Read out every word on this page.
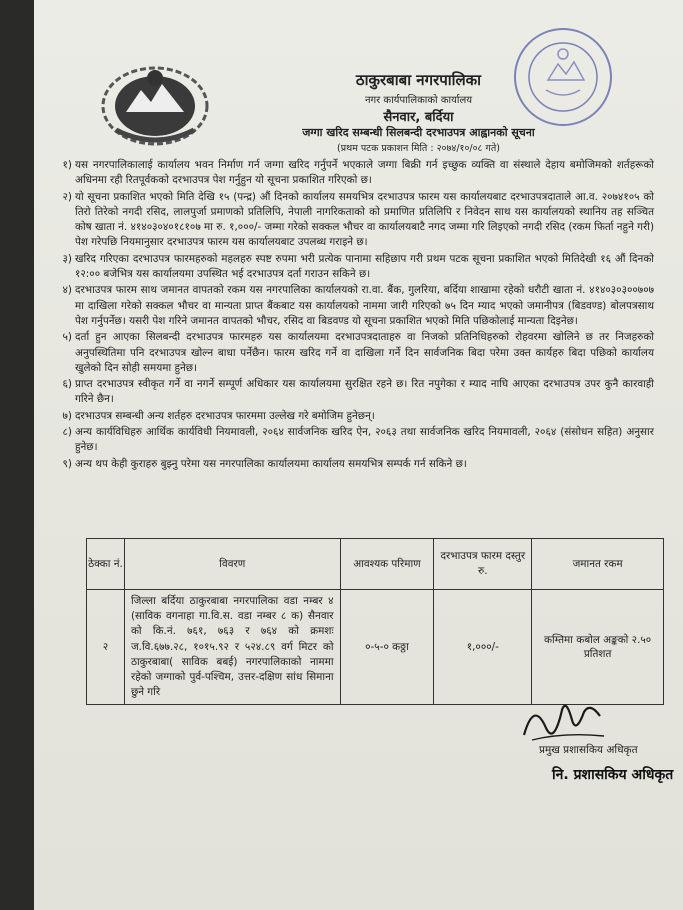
ठाकुरबाबा नगरपालिका
नगर कार्यपालिकाको कार्यालय
सैनवार, बर्दिया
जग्गा खरिद सम्बन्धी सिलबन्दी दरभाउपत्र आह्वानको सूचना
(प्रथम पटक प्रकाशन मिति : २०७४/१०/०८ गते)
१) यस नगरपालिकालाई कार्यालय भवन निर्माण गर्न जग्गा खरिद गर्नुपर्ने भएकाले जग्गा बिक्री गर्न इच्छुक व्यक्ति वा संस्थाले देहाय बमोजिमको शर्तहरूको अधिनमा रही रितपूर्वकको दरभाउपत्र पेश गर्नुहुन यो सूचना प्रकाशित गरिएको छ।
२) यो सूचना प्रकाशित भएको मिति देखि १५ (पन्द्र) औं दिनको कार्यालय समयभित्र दरभाउपत्र फारम यस कार्यालयबाट दरभाउपत्रदाताले आ.व. २०७४१०५ को तिरो तिरेको नगदी रसिद, लालपुर्जा प्रमाणको प्रतिलिपि, नेपाली नागरिकताको को प्रमाणित प्रतिलिपि र निवेदन साथ यस कार्यालयको स्थानिय तह सञ्चित कोष खाता नं. ४१४०३०४०१८१०७ मा रु. १,०००/- जम्मा गरेको सक्कल भौचर वा कार्यालयबाटै नगद जम्मा गरि लिइएको नगदी रसिद (रकम फिर्ता नहुने गरी) पेश गरेपछि नियमानुसार दरभाउपत्र फारम यस कार्यालयबाट उपलब्ध गराइने छ।
३) खरिद गरिएका दरभाउपत्र फारमहरुको महलहरु स्पष्ट रुपमा भरी प्रत्येक पानामा सहिछाप गरी प्रथम पटक सूचना प्रकाशित भएको मितिदेखी १६ औं दिनको १२:०० बजेभित्र यस कार्यालयमा उपस्थित भई दरभाउपत्र दर्ता गराउन सकिने छ।
४) दरभाउपत्र फारम साथ जमानत वापतको रकम यस नगरपालिका कार्यालयको रा.वा. बैंक, गुलरिया, बर्दिया शाखामा रहेको धरौटी खाता नं. ४१४०३०३००७०७ मा दाखिला गरेको सक्कल भौचर वा मान्यता प्राप्त बैंकबाट यस कार्यालयको नाममा जारी गरिएको ७५ दिन म्याद भएको जमानीपत्र (बिडवण्ड) बोलपत्रसाथ पेश गर्नुपर्नेछ। यसरी पेश गरिने जमानत वापतको भौचर, रसिद वा बिडवण्ड यो सूचना प्रकाशित भएको मिति पछिकोलाई मान्यता दिइनेछ।
५) दर्ता हुन आएका सिलबन्दी दरभाउपत्र फारमहरु यस कार्यालयमा दरभाउपत्रदाताहरु वा निजको प्रतिनिधिहरुको रोहवरमा खोलिने छ तर निजहरुको अनुपस्थितिमा पनि दरभाउपत्र खोल्न बाधा पर्नेछैन। फारम खरिद गर्ने वा दाखिला गर्ने दिन सार्वजनिक बिदा परेमा उक्त कार्यहरु बिदा पछिको कार्यालय खुलेको दिन सोही समयमा हुनेछ।
६) प्राप्त दरभाउपत्र स्वीकृत गर्ने वा नगर्ने सम्पूर्ण अधिकार यस कार्यालयमा सुरक्षित रहने छ। रित नपुगेका र म्याद नाघि आएका दरभाउपत्र उपर कुनै कारवाही गरिने छैन।
७) दरभाउपत्र सम्बन्धी अन्य शर्तहरु दरभाउपत्र फारममा उल्लेख गरे बमोजिम हुनेछन्।
८) अन्य कार्यविधिहरु आर्थिक कार्यविधी नियमावली, २०६४ सार्वजनिक खरिद ऐन, २०६३ तथा सार्वजनिक खरिद नियमावली, २०६४ (संसोधन सहित) अनुसार हुनेछ।
९) अन्य थप केही कुराहरु बुझ्नु परेमा यस नगरपालिका कार्यालयमा कार्यालय समयभित्र सम्पर्क गर्न सकिने छ।
ठेक्का नं.	विवरण	आवश्यक परिमाण	दरभाउपत्र फारम दस्तुर रु.	जमानत रकम
२	जिल्ला बर्दिया ठाकुरबाबा नगरपालिका वडा नम्बर ४ (साविक वगनाहा गा.वि.स. वडा नम्बर ८ क) सैनवार को कि.नं. ७६१, ७६३ र ७६४ को क्रमशः ज.वि.६७७.२८, १०१५.९२ र ५२४.८९ वर्ग मिटर को ठाकुरबाबा( साविक बबई) नगरपालिकाको नाममा रहेको जग्गाको पुर्व-पश्चिम, उत्तर-दक्षिण सांध सिमाना छुने गरि	०-५-० कठ्ठा	१,०००/-	कम्तिमा कबोल अङ्कको २.५० प्रतिशत
प्रमुख प्रशासकिय अधिकृत
नि. प्रशासकिय अधिकृत
